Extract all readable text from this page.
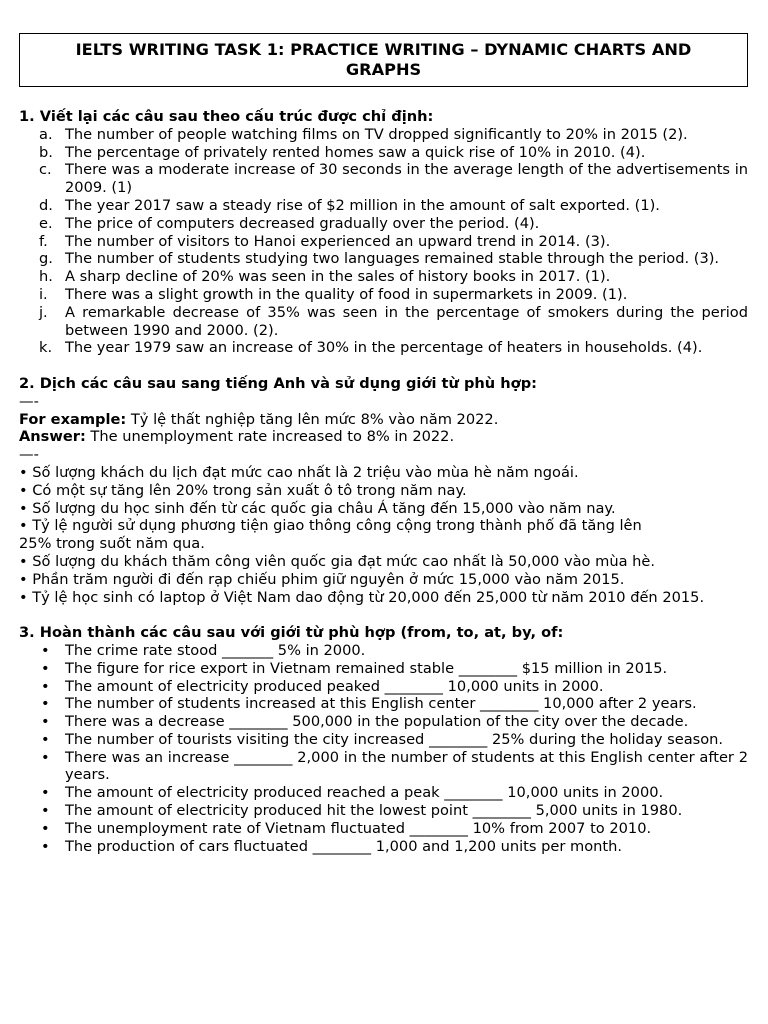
IELTS WRITING TASK 1: PRACTICE WRITING – DYNAMIC CHARTS AND GRAPHS

1. Viết lại các câu sau theo cấu trúc được chỉ định:

a. The number of people watching films on TV dropped significantly to 20% in 2015 (2).
b. The percentage of privately rented homes saw a quick rise of 10% in 2010. (4).
c. There was a moderate increase of 30 seconds in the average length of the advertisements in 2009. (1)
d. The year 2017 saw a steady rise of $2 million in the amount of salt exported. (1).
e. The price of computers decreased gradually over the period. (4).
f. The number of visitors to Hanoi experienced an upward trend in 2014. (3).
g. The number of students studying two languages remained stable through the period. (3).
h. A sharp decline of 20% was seen in the sales of history books in 2017. (1).
i. There was a slight growth in the quality of food in supermarkets in 2009. (1).
j. A remarkable decrease of 35% was seen in the percentage of smokers during the period between 1990 and 2000. (2).
k. The year 1979 saw an increase of 30% in the percentage of heaters in households. (4).

2. Dịch các câu sau sang tiếng Anh và sử dụng giới từ phù hợp:

—-

For example: Tỷ lệ thất nghiệp tăng lên mức 8% vào năm 2022.

Answer: The unemployment rate increased to 8% in 2022.

—-

• Số lượng khách du lịch đạt mức cao nhất là 2 triệu vào mùa hè năm ngoái.

• Có một sự tăng lên 20% trong sản xuất ô tô trong năm nay.

• Số lượng du học sinh đến từ các quốc gia châu Á tăng đến 15,000 vào năm nay.

• Tỷ lệ người sử dụng phương tiện giao thông công cộng trong thành phố đã tăng lên

25% trong suốt năm qua.

• Số lượng du khách thăm công viên quốc gia đạt mức cao nhất là 50,000 vào mùa hè.

• Phần trăm người đi đến rạp chiếu phim giữ nguyên ở mức 15,000 vào năm 2015.

• Tỷ lệ học sinh có laptop ở Việt Nam dao động từ 20,000 đến 25,000 từ năm 2010 đến 2015.

3. Hoàn thành các câu sau với giới từ phù hợp (from, to, at, by, of:

• The crime rate stood _______ 5% in 2000.
• The figure for rice export in Vietnam remained stable ________ $15 million in 2015.
• The amount of electricity produced peaked ________ 10,000 units in 2000.
• The number of students increased at this English center ________ 10,000 after 2 years.
• There was a decrease ________ 500,000 in the population of the city over the decade.
• The number of tourists visiting the city increased ________ 25% during the holiday season.
• There was an increase ________ 2,000 in the number of students at this English center after 2 years.
• The amount of electricity produced reached a peak ________ 10,000 units in 2000.
• The amount of electricity produced hit the lowest point ________ 5,000 units in 1980.
• The unemployment rate of Vietnam fluctuated ________ 10% from 2007 to 2010.
• The production of cars fluctuated ________ 1,000 and 1,200 units per month.
